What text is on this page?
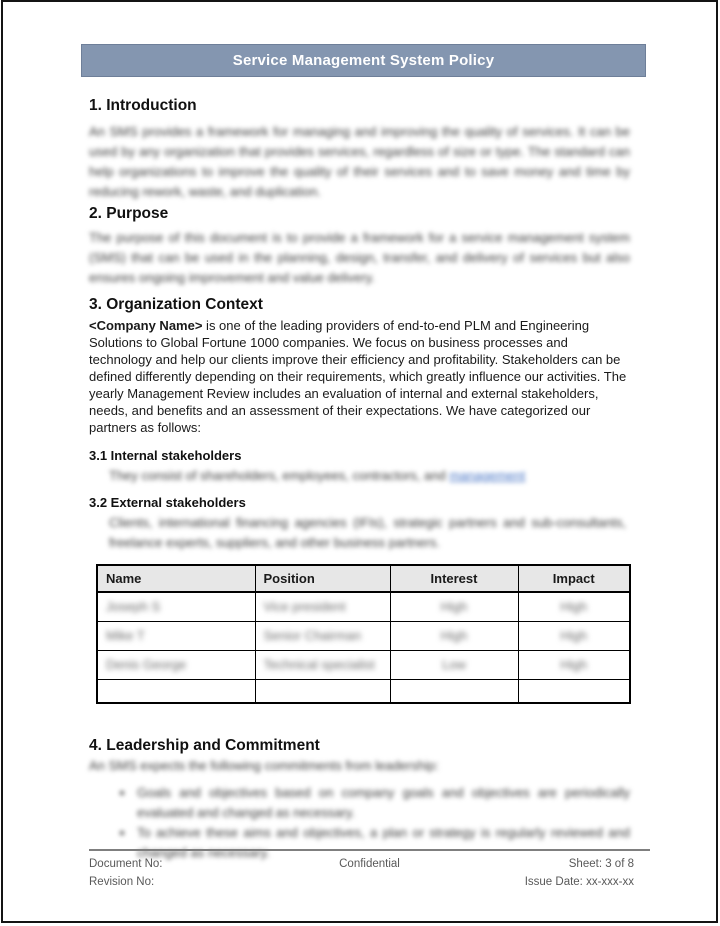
Service Management System Policy
1. Introduction

An SMS provides a framework for managing and improving the quality of services. It can be used by any organization that provides services, regardless of size or type. The standard can help organizations to improve the quality of their services and to save money and time by reducing rework, waste, and duplication.

2. Purpose

The purpose of this document is to provide a framework for a service management system (SMS) that can be used in the planning, design, transfer, and delivery of services but also ensures ongoing improvement and value delivery.

3. Organization Context

<Company Name> is one of the leading providers of end-to-end PLM and Engineering Solutions to Global Fortune 1000 companies. We focus on business processes and technology and help our clients improve their efficiency and profitability. Stakeholders can be defined differently depending on their requirements, which greatly influence our activities. The yearly Management Review includes an evaluation of internal and external stakeholders, needs, and benefits and an assessment of their expectations. We have categorized our partners as follows:

3.1 Internal stakeholders

They consist of shareholders, employees, contractors, and management

3.2 External stakeholders

Clients, international financing agencies (IFIs), strategic partners and sub-consultants, freelance experts, suppliers, and other business partners.

Name	Position	Interest	Impact
Joseph S	Vice president	High	High
Mike T	Senior Chairman	High	High
Denis George	Technical specialist	Low	High

4. Leadership and Commitment

An SMS expects the following commitments from leadership:

• Goals and objectives based on company goals and objectives are periodically evaluated and changed as necessary.
• To achieve these aims and objectives, a plan or strategy is regularly reviewed and changed as necessary.
Document No:
Revision No:
Confidential	Sheet: 3 of 8
Issue Date: xx-xxx-xx
